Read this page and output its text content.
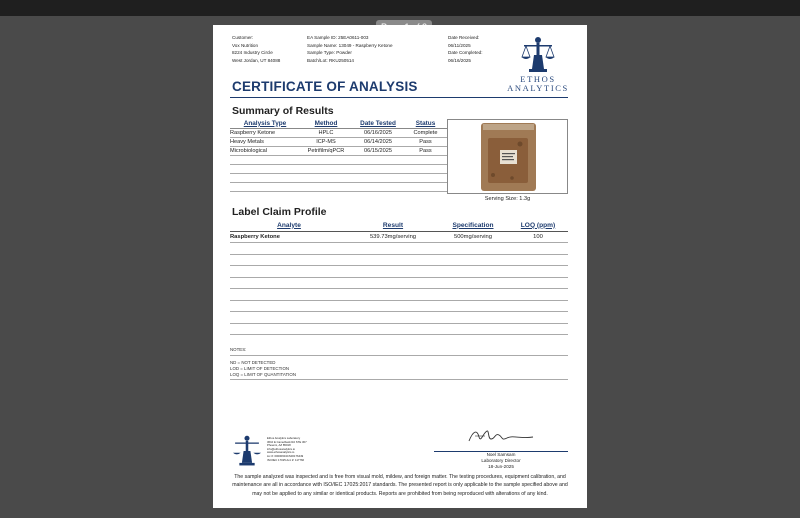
Customer:
Vox Nutrition
8224 Industry Circle
West Jordan, UT 84088
EA Sample ID: 25EA0611-003
Sample Name: 13049 - Raspberry Ketone
Sample Type: Powder
Batch/Lot: RKU250514
Date Received:
06/11/2025
Date Completed:
06/16/2025
ETHOS
ANALYTICS
CERTIFICATE OF ANALYSIS
Summary of Results
Analysis Type	Method	Date Tested	Status
Raspberry Ketone	HPLC	06/16/2025	Complete
Heavy Metals	ICP-MS	06/14/2025	Pass
Microbiological	Petrifilm/qPCR	06/15/2025	Pass

Serving Size: 1.3g
Label Claim Profile
Analyte	Result	Specification	LOQ (ppm)
Raspberry Ketone	539.73mg/serving	500mg/serving	100

NOTES:
ND = NOT DETECTED
LOD = LIMIT OF DETECTION
LOQ = LIMIT OF QUANTITATION
Ethos Analytics Laboratory
3610 E Camelback Rd STE 307
Phoenix, AZ 85018
info@ethosanalytics.io
www.ethosanalytics.io
Lic #: 00000604CS00176449
ISO/IEC 17025 Acc #: 117766
Noel Samsam
Laboratory Director
18-Jun-2025
The sample analyzed was inspected and is free from visual mold, mildew, and foreign matter. The testing procedures, equipment calibration, and maintenance are all in accordance with ISO/IEC 17025:2017 standards. The presented report is only applicable to the sample specified above and may not be applied to any similar or identical products. Reports are prohibited from being reproduced with alterations of any kind.
